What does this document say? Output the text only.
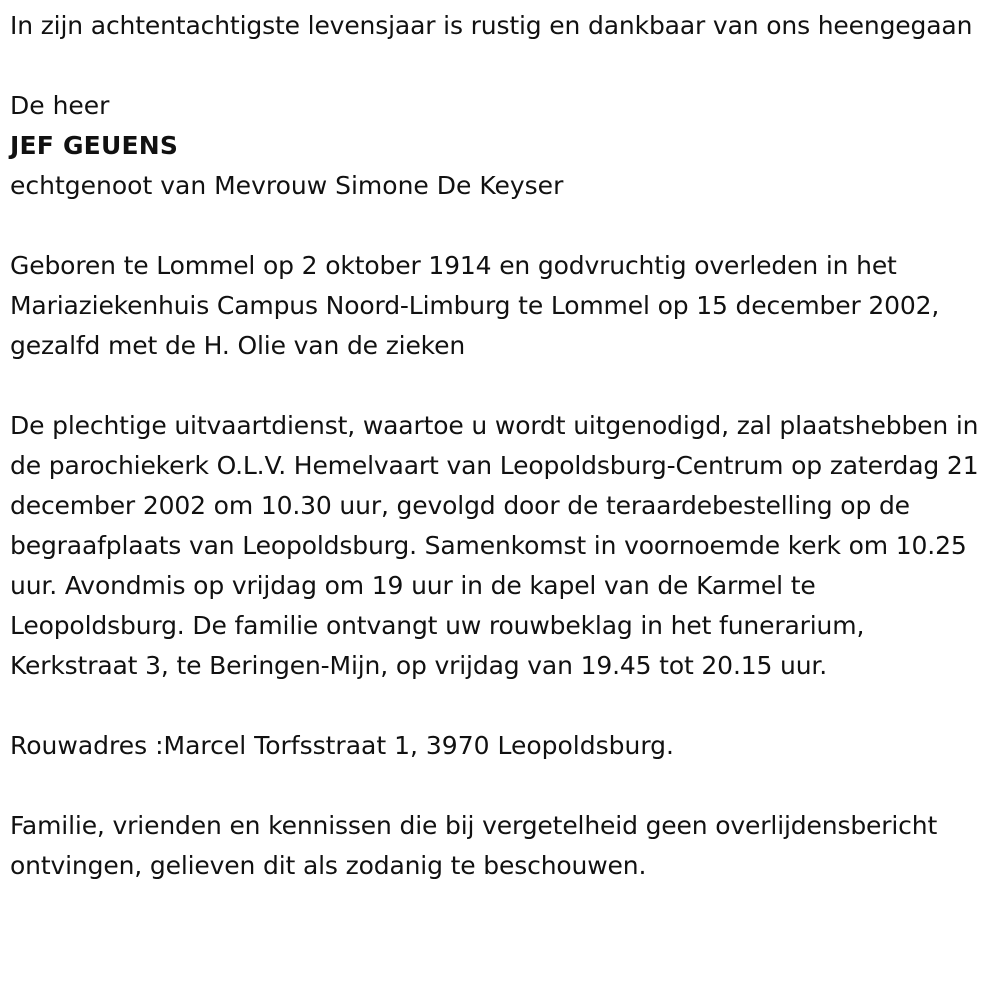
In zijn achtentachtigste levensjaar is rustig en dankbaar van ons heengegaan

De heer

JEF GEUENS

echtgenoot van Mevrouw Simone De Keyser

Geboren te Lommel op 2 oktober 1914 en godvruchtig overleden in het Mariaziekenhuis Campus Noord-Limburg te Lommel op 15 december 2002, gezalfd met de H. Olie van de zieken

De plechtige uitvaartdienst, waartoe u wordt uitgenodigd, zal plaatshebben in de parochiekerk O.L.V. Hemelvaart van Leopoldsburg-Centrum op zaterdag 21 december 2002 om 10.30 uur, gevolgd door de teraardebestelling op de begraafplaats van Leopoldsburg. Samenkomst in voornoemde kerk om 10.25 uur. Avondmis op vrijdag om 19 uur in de kapel van de Karmel te Leopoldsburg. De familie ontvangt uw rouwbeklag in het funerarium, Kerkstraat 3, te Beringen-Mijn, op vrijdag van 19.45 tot 20.15 uur.

Rouwadres :Marcel Torfsstraat 1, 3970 Leopoldsburg.

Familie, vrienden en kennissen die bij vergetelheid geen overlijdensbericht ontvingen, gelieven dit als zodanig te beschouwen.
